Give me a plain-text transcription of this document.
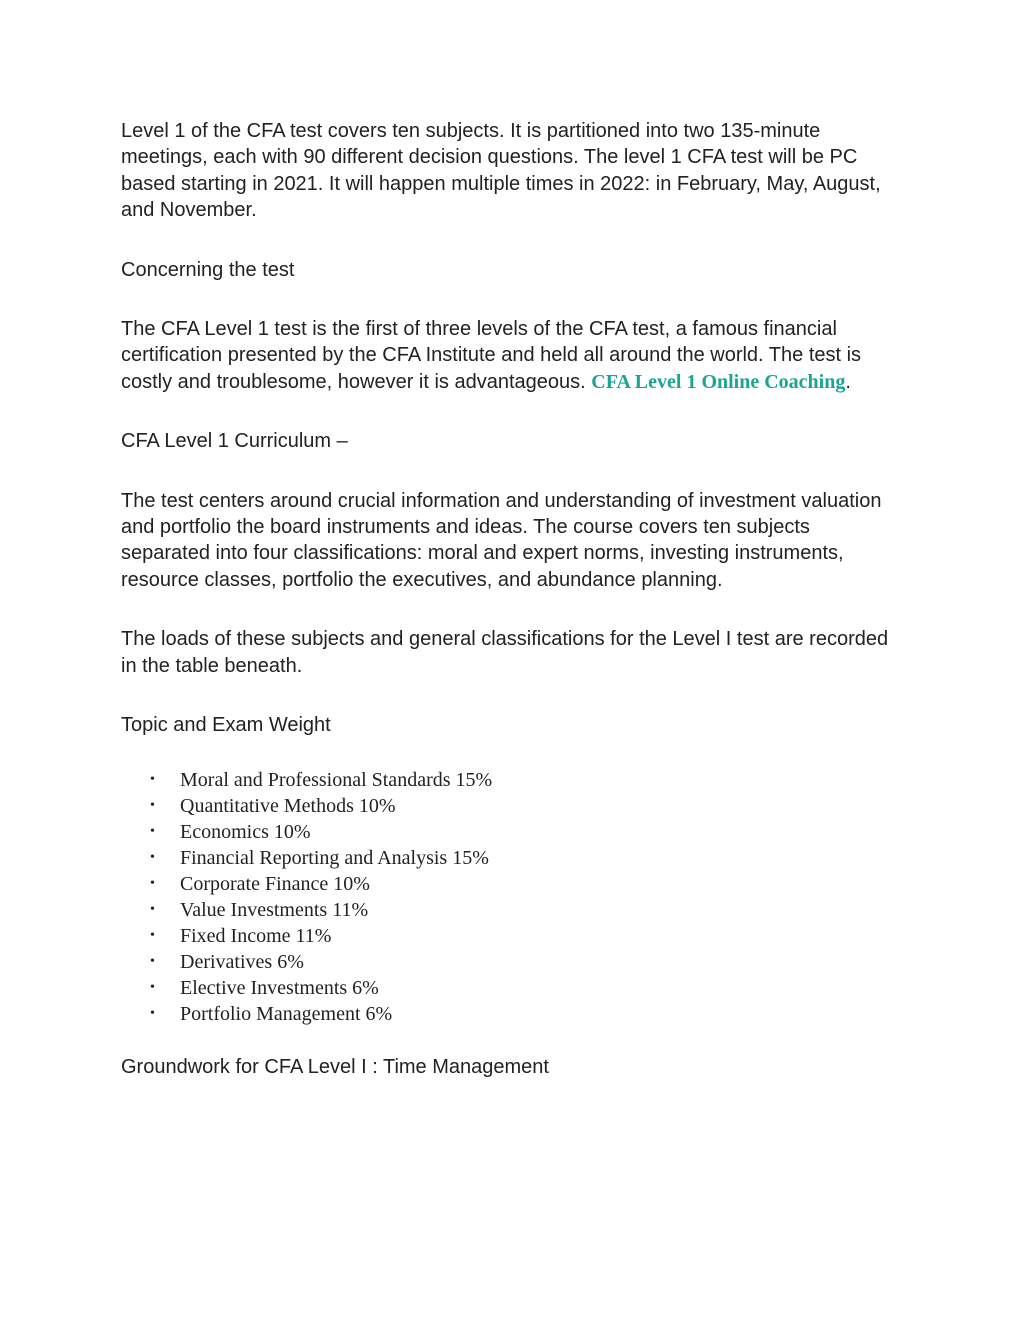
Level 1 of the CFA test covers ten subjects. It is partitioned into two 135-minute meetings, each with 90 different decision questions. The level 1 CFA test will be PC based starting in 2021. It will happen multiple times in 2022: in February, May, August, and November.

Concerning the test

The CFA Level 1 test is the first of three levels of the CFA test, a famous financial certification presented by the CFA Institute and held all around the world. The test is costly and troublesome, however it is advantageous. CFA Level 1 Online Coaching.

CFA Level 1 Curriculum –

The test centers around crucial information and understanding of investment valuation and portfolio the board instruments and ideas. The course covers ten subjects separated into four classifications: moral and expert norms, investing instruments, resource classes, portfolio the executives, and abundance planning.

The loads of these subjects and general classifications for the Level I test are recorded in the table beneath.

Topic and Exam Weight

• Moral and Professional Standards 15%
• Quantitative Methods 10%
• Economics 10%
• Financial Reporting and Analysis 15%
• Corporate Finance 10%
• Value Investments 11%
• Fixed Income 11%
• Derivatives 6%
• Elective Investments 6%
• Portfolio Management 6%

Groundwork for CFA Level I : Time Management
